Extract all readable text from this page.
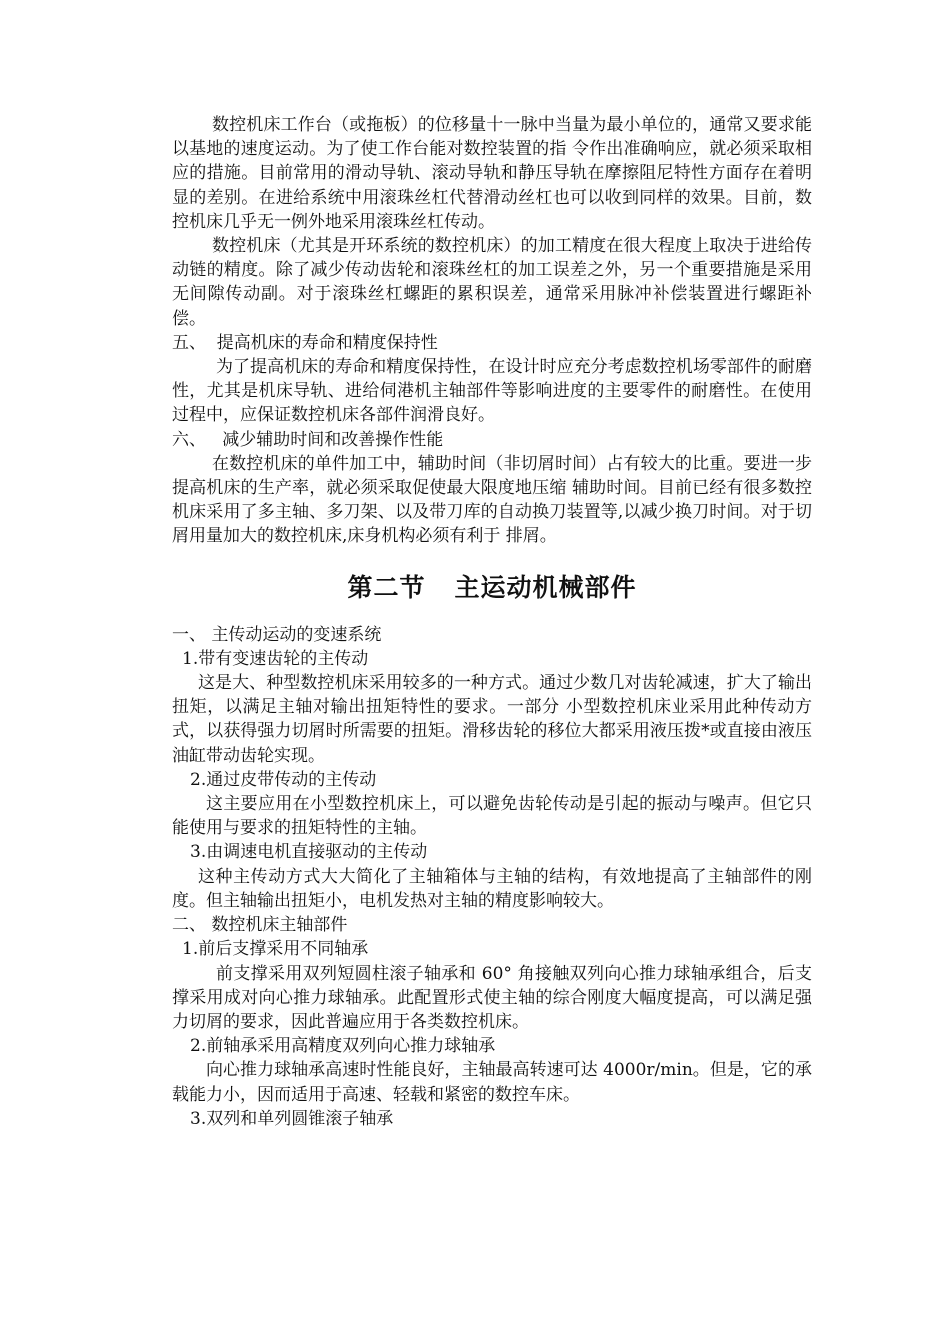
数控机床工作台（或拖板）的位移量十一脉中当量为最小单位的，通常又要求能以基地的速度运动。为了使工作台能对数控装置的指 令作出准确响应，就必须采取相应的措施。目前常用的滑动导轨、滚动导轨和静压导轨在摩擦阻尼特性方面存在着明显的差别。在进给系统中用滚珠丝杠代替滑动丝杠也可以收到同样的效果。目前，数控机床几乎无一例外地采用滚珠丝杠传动。

数控机床（尤其是开环系统的数控机床）的加工精度在很大程度上取决于进给传动链的精度。除了减少传动齿轮和滚珠丝杠的加工误差之外，另一个重要措施是采用无间隙传动副。对于滚珠丝杠螺距的累积误差，通常采用脉冲补偿装置进行螺距补偿。

五、  提高机床的寿命和精度保持性

为了提高机床的寿命和精度保持性，在设计时应充分考虑数控机场零部件的耐磨性，尤其是机床导轨、进给伺港机主轴部件等影响进度的主要零件的耐磨性。在使用过程中，应保证数控机床各部件润滑良好。

六、   减少辅助时间和改善操作性能

在数控机床的单件加工中，辅助时间（非切屑时间）占有较大的比重。要进一步提高机床的生产率，就必须采取促使最大限度地压缩 辅助时间。目前已经有很多数控机床采用了多主轴、多刀架、以及带刀库的自动换刀装置等,以减少换刀时间。对于切屑用量加大的数控机床,床身机构必须有利于 排屑。

第二节   主运动机械部件

一、 主传动运动的变速系统

1.带有变速齿轮的主传动

这是大、种型数控机床采用较多的一种方式。通过少数几对齿轮减速，扩大了输出扭矩，以满足主轴对输出扭矩特性的要求。一部分 小型数控机床业采用此种传动方式，以获得强力切屑时所需要的扭矩。滑移齿轮的移位大都采用液压拨*或直接由液压油缸带动齿轮实现。

2.通过皮带传动的主传动

这主要应用在小型数控机床上，可以避免齿轮传动是引起的振动与噪声。但它只能使用与要求的扭矩特性的主轴。

3.由调速电机直接驱动的主传动

这种主传动方式大大简化了主轴箱体与主轴的结构，有效地提高了主轴部件的刚度。但主轴输出扭矩小，电机发热对主轴的精度影响较大。

二、 数控机床主轴部件

1.前后支撑采用不同轴承

前支撑采用双列短圆柱滚子轴承和 60° 角接触双列向心推力球轴承组合，后支撑采用成对向心推力球轴承。此配置形式使主轴的综合刚度大幅度提高，可以满足强力切屑的要求，因此普遍应用于各类数控机床。

2.前轴承采用高精度双列向心推力球轴承

向心推力球轴承高速时性能良好，主轴最高转速可达 4000r/min。但是，它的承载能力小，因而适用于高速、轻载和紧密的数控车床。

3.双列和单列圆锥滚子轴承
